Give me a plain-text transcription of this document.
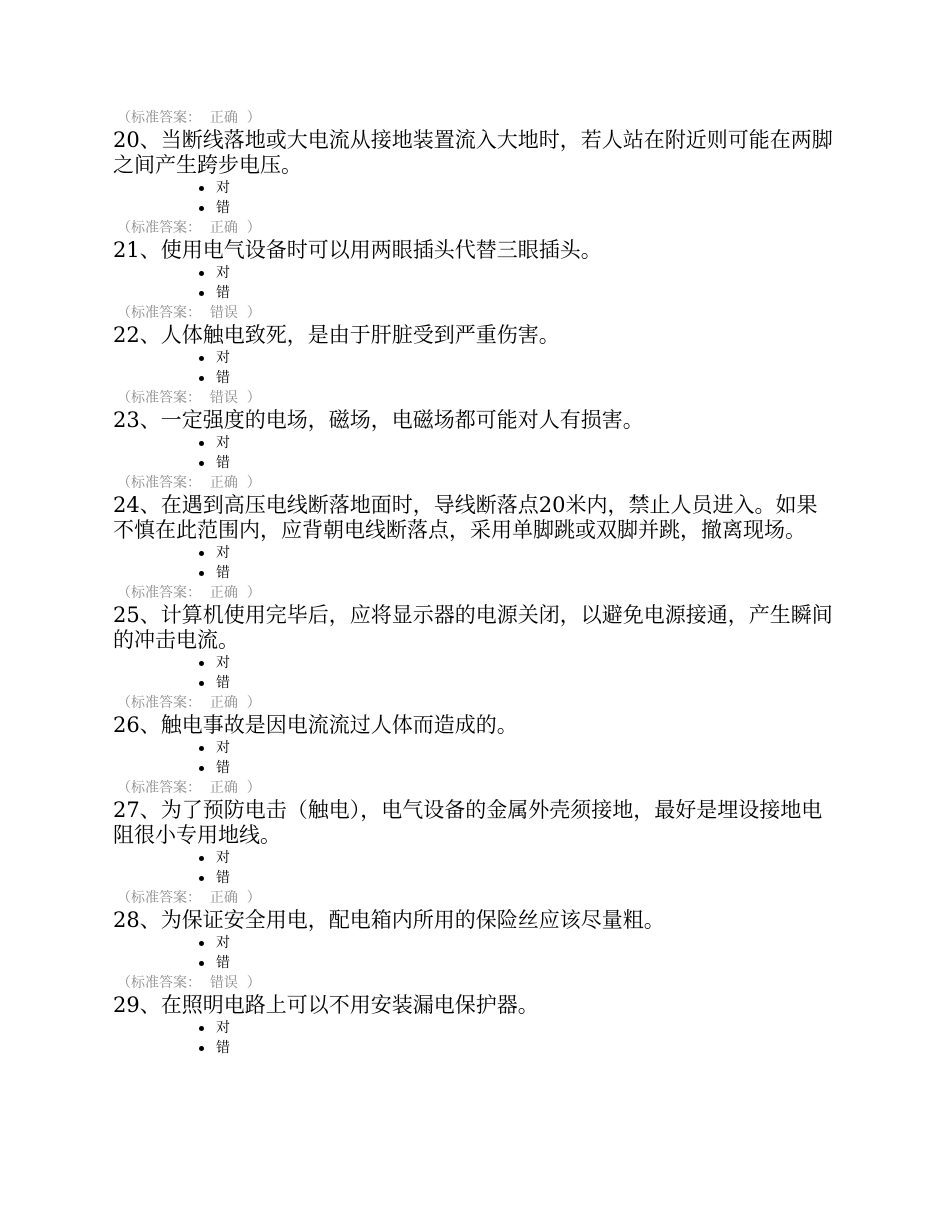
（标准答案：  正确  ）

20、当断线落地或大电流从接地装置流入大地时，若人站在附近则可能在两脚之间产生跨步电压。

对
错
（标准答案：  正确  ）

21、使用电气设备时可以用两眼插头代替三眼插头。

对
错
（标准答案：  错误  ）

22、人体触电致死，是由于肝脏受到严重伤害。

对
错
（标准答案：  错误  ）

23、一定强度的电场，磁场，电磁场都可能对人有损害。

对
错
（标准答案：  正确  ）

24、在遇到高压电线断落地面时，导线断落点20米内，禁止人员进入。如果不慎在此范围内，应背朝电线断落点，采用单脚跳或双脚并跳，撤离现场。

对
错
（标准答案：  正确  ）

25、计算机使用完毕后，应将显示器的电源关闭，以避免电源接通，产生瞬间的冲击电流。

对
错
（标准答案：  正确  ）

26、触电事故是因电流流过人体而造成的。

对
错
（标准答案：  正确  ）

27、为了预防电击（触电），电气设备的金属外壳须接地，最好是埋设接地电阻很小专用地线。

对
错
（标准答案：  正确  ）

28、为保证安全用电，配电箱内所用的保险丝应该尽量粗。

对
错
（标准答案：  错误  ）

29、在照明电路上可以不用安装漏电保护器。

对
错
